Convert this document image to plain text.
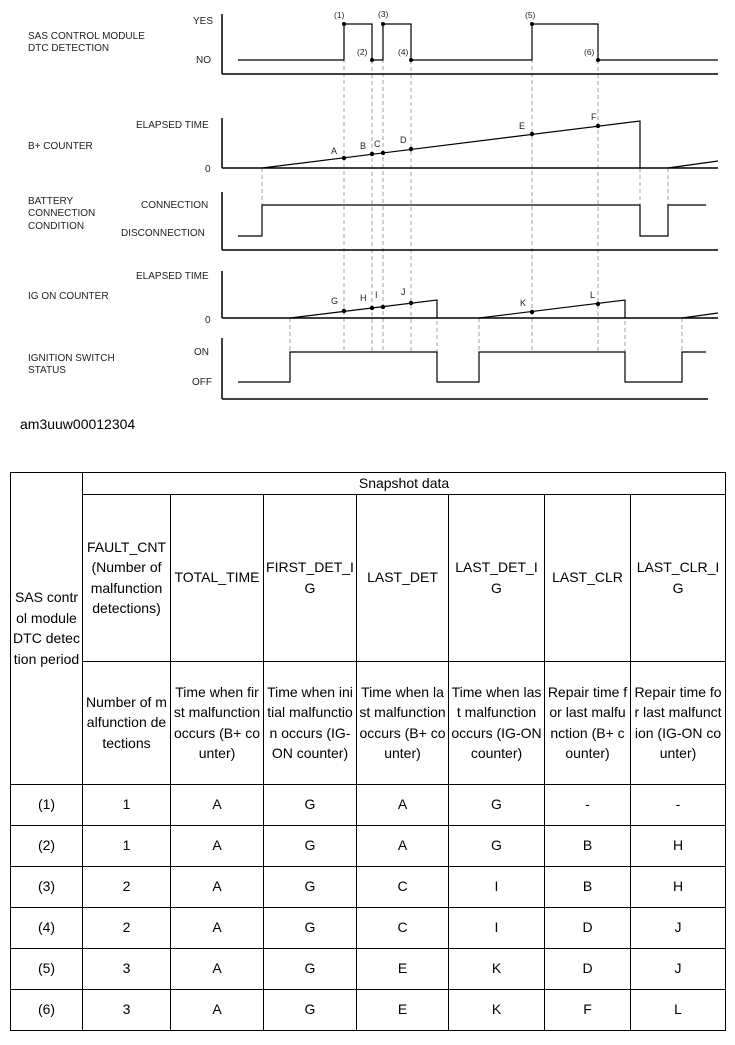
SAS CONTROL MODULE
DTC DETECTION
YES
NO
(1)
(2)
(3)
(4)
(5)
(6)
B+ COUNTER
ELAPSED TIME
0
A	B C D
E
F
BATTERY
CONNECTION
CONDITION
CONNECTION
DISCONNECTION
IG ON COUNTER
ELAPSED TIME
0
G H I	J
K
L
IGNITION SWITCH
STATUS
ON
OFF
am3uuw00012304
SAS control module DTC detection period	Snapshot data						
	FAULT_CNT (Number of malfunction detections)	TOTAL_TIME	FIRST_DET_IG	LAST_DET	LAST_DET_IG	LAST_CLR	LAST_CLR_IG
	Number of malfunction detections	Time when first malfunction occurs (B+ counter)	Time when initial malfunction occurs (IG-ON counter)	Time when last malfunction occurs (B+ counter)	Time when last malfunction occurs (IG-ON counter)	Repair time for last malfunction (B+ counter)	Repair time for last malfunction (IG-ON counter)
(1)	1	A	G	A	G	-	-
(2)	1	A	G	A	G	B	H
(3)	2	A	G	C	I	B	H
(4)	2	A	G	C	I	D	J
(5)	3	A	G	E	K	D	J
(6)	3	A	G	E	K	F	L
